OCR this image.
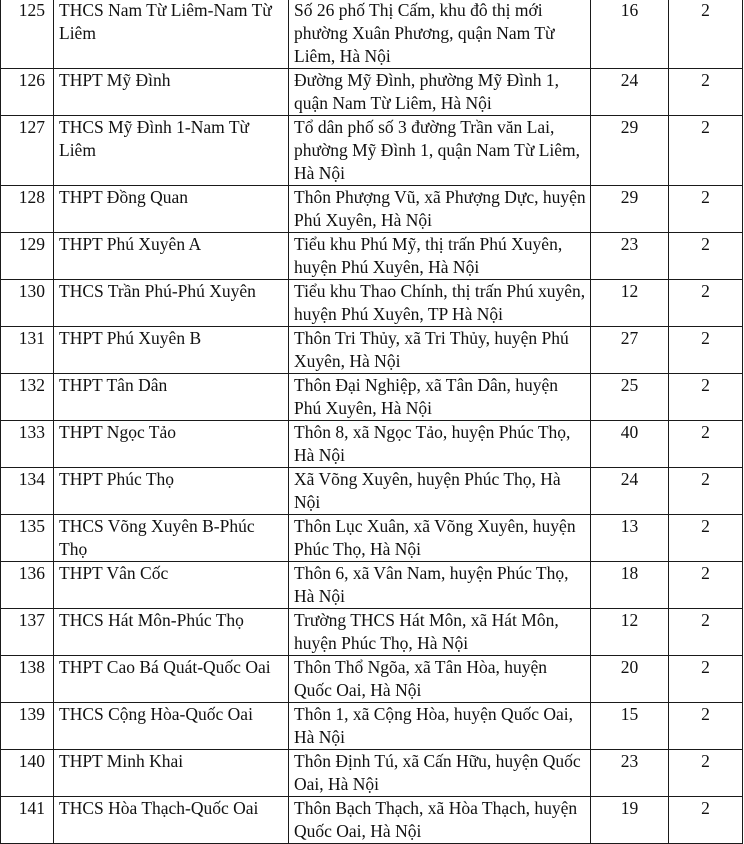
125	THCS Nam Từ Liêm-Nam Từ Liêm	Số 26 phố Thị Cấm, khu đô thị mới phường Xuân Phương, quận Nam Từ Liêm, Hà Nội	16	2
126	THPT Mỹ Đình	Đường Mỹ Đình, phường Mỹ Đình 1, quận Nam Từ Liêm, Hà Nội	24	2
127	THCS Mỹ Đình 1-Nam Từ Liêm	Tổ dân phố số 3 đường Trần văn Lai, phường Mỹ Đình 1, quận Nam Từ Liêm, Hà Nội	29	2
128	THPT Đồng Quan	Thôn Phượng Vũ, xã Phượng Dực, huyện Phú Xuyên, Hà Nội	29	2
129	THPT Phú Xuyên A	Tiểu khu Phú Mỹ, thị trấn Phú Xuyên, huyện Phú Xuyên, Hà Nội	23	2
130	THCS Trần Phú-Phú Xuyên	Tiểu khu Thao Chính, thị trấn Phú xuyên, huyện Phú Xuyên, TP Hà Nội	12	2
131	THPT Phú Xuyên B	Thôn Tri Thủy, xã Tri Thủy, huyện Phú Xuyên, Hà Nội	27	2
132	THPT Tân Dân	Thôn Đại Nghiệp, xã Tân Dân, huyện Phú Xuyên, Hà Nội	25	2
133	THPT Ngọc Tảo	Thôn 8, xã Ngọc Tảo, huyện Phúc Thọ, Hà Nội	40	2
134	THPT Phúc Thọ	Xã Võng Xuyên, huyện Phúc Thọ, Hà Nội	24	2
135	THCS Võng Xuyên B-Phúc Thọ	Thôn Lục Xuân, xã Võng Xuyên, huyện Phúc Thọ, Hà Nội	13	2
136	THPT Vân Cốc	Thôn 6, xã Vân Nam, huyện Phúc Thọ, Hà Nội	18	2
137	THCS Hát Môn-Phúc Thọ	Trường THCS Hát Môn, xã Hát Môn, huyện Phúc Thọ, Hà Nội	12	2
138	THPT Cao Bá Quát-Quốc Oai	Thôn Thổ Ngõa, xã Tân Hòa, huyện Quốc Oai, Hà Nội	20	2
139	THCS Cộng Hòa-Quốc Oai	Thôn 1, xã Cộng Hòa, huyện Quốc Oai, Hà Nội	15	2
140	THPT Minh Khai	Thôn Định Tú, xã Cấn Hữu, huyện Quốc Oai, Hà Nội	23	2
141	THCS Hòa Thạch-Quốc Oai	Thôn Bạch Thạch, xã Hòa Thạch, huyện Quốc Oai, Hà Nội	19	2
